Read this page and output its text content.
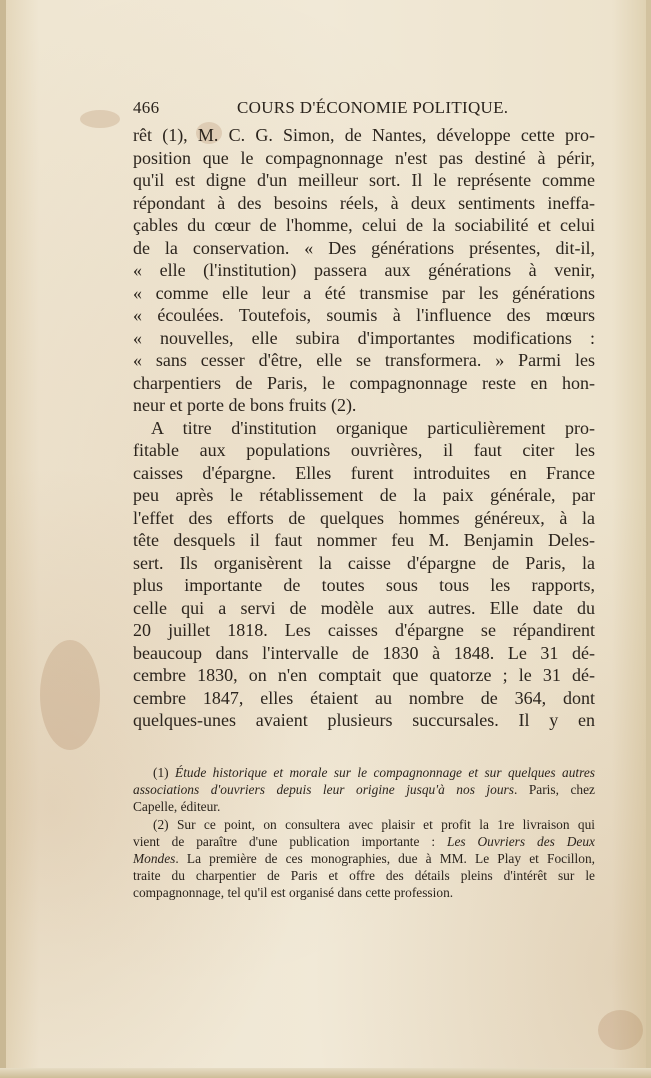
466	COURS D'ÉCONOMIE POLITIQUE.
rêt (1), M. C. G. Simon, de Nantes, développe cette pro-
position que le compagnonnage n'est pas destiné à périr,
qu'il est digne d'un meilleur sort. Il le représente comme
répondant à des besoins réels, à deux sentiments ineffa-
çables du cœur de l'homme, celui de la sociabilité et celui
de la conservation. « Des générations présentes, dit-il,
« elle (l'institution) passera aux générations à venir,
« comme elle leur a été transmise par les générations
« écoulées. Toutefois, soumis à l'influence des mœurs
« nouvelles, elle subira d'importantes modifications :
« sans cesser d'être, elle se transformera. » Parmi les
charpentiers de Paris, le compagnonnage reste en hon-
neur et porte de bons fruits (2).
A titre d'institution organique particulièrement pro-
fitable aux populations ouvrières, il faut citer les
caisses d'épargne. Elles furent introduites en France
peu après le rétablissement de la paix générale, par
l'effet des efforts de quelques hommes généreux, à la
tête desquels il faut nommer feu M. Benjamin Deles-
sert. Ils organisèrent la caisse d'épargne de Paris, la
plus importante de toutes sous tous les rapports,
celle qui a servi de modèle aux autres. Elle date du
20 juillet 1818. Les caisses d'épargne se répandirent
beaucoup dans l'intervalle de 1830 à 1848. Le 31 dé-
cembre 1830, on n'en comptait que quatorze ; le 31 dé-
cembre 1847, elles étaient au nombre de 364, dont
quelques-unes avaient plusieurs succursales. Il y en
(1) Étude historique et morale sur le compagnonnage et sur quelques autres
associations d'ouvriers depuis leur origine jusqu'à nos jours. Paris, chez
Capelle, éditeur.
(2) Sur ce point, on consultera avec plaisir et profit la 1re livraison qui
vient de paraître d'une publication importante : Les Ouvriers des Deux
Mondes. La première de ces monographies, due à MM. Le Play et Focillon,
traite du charpentier de Paris et offre des détails pleins d'intérêt sur le
compagnonnage, tel qu'il est organisé dans cette profession.
